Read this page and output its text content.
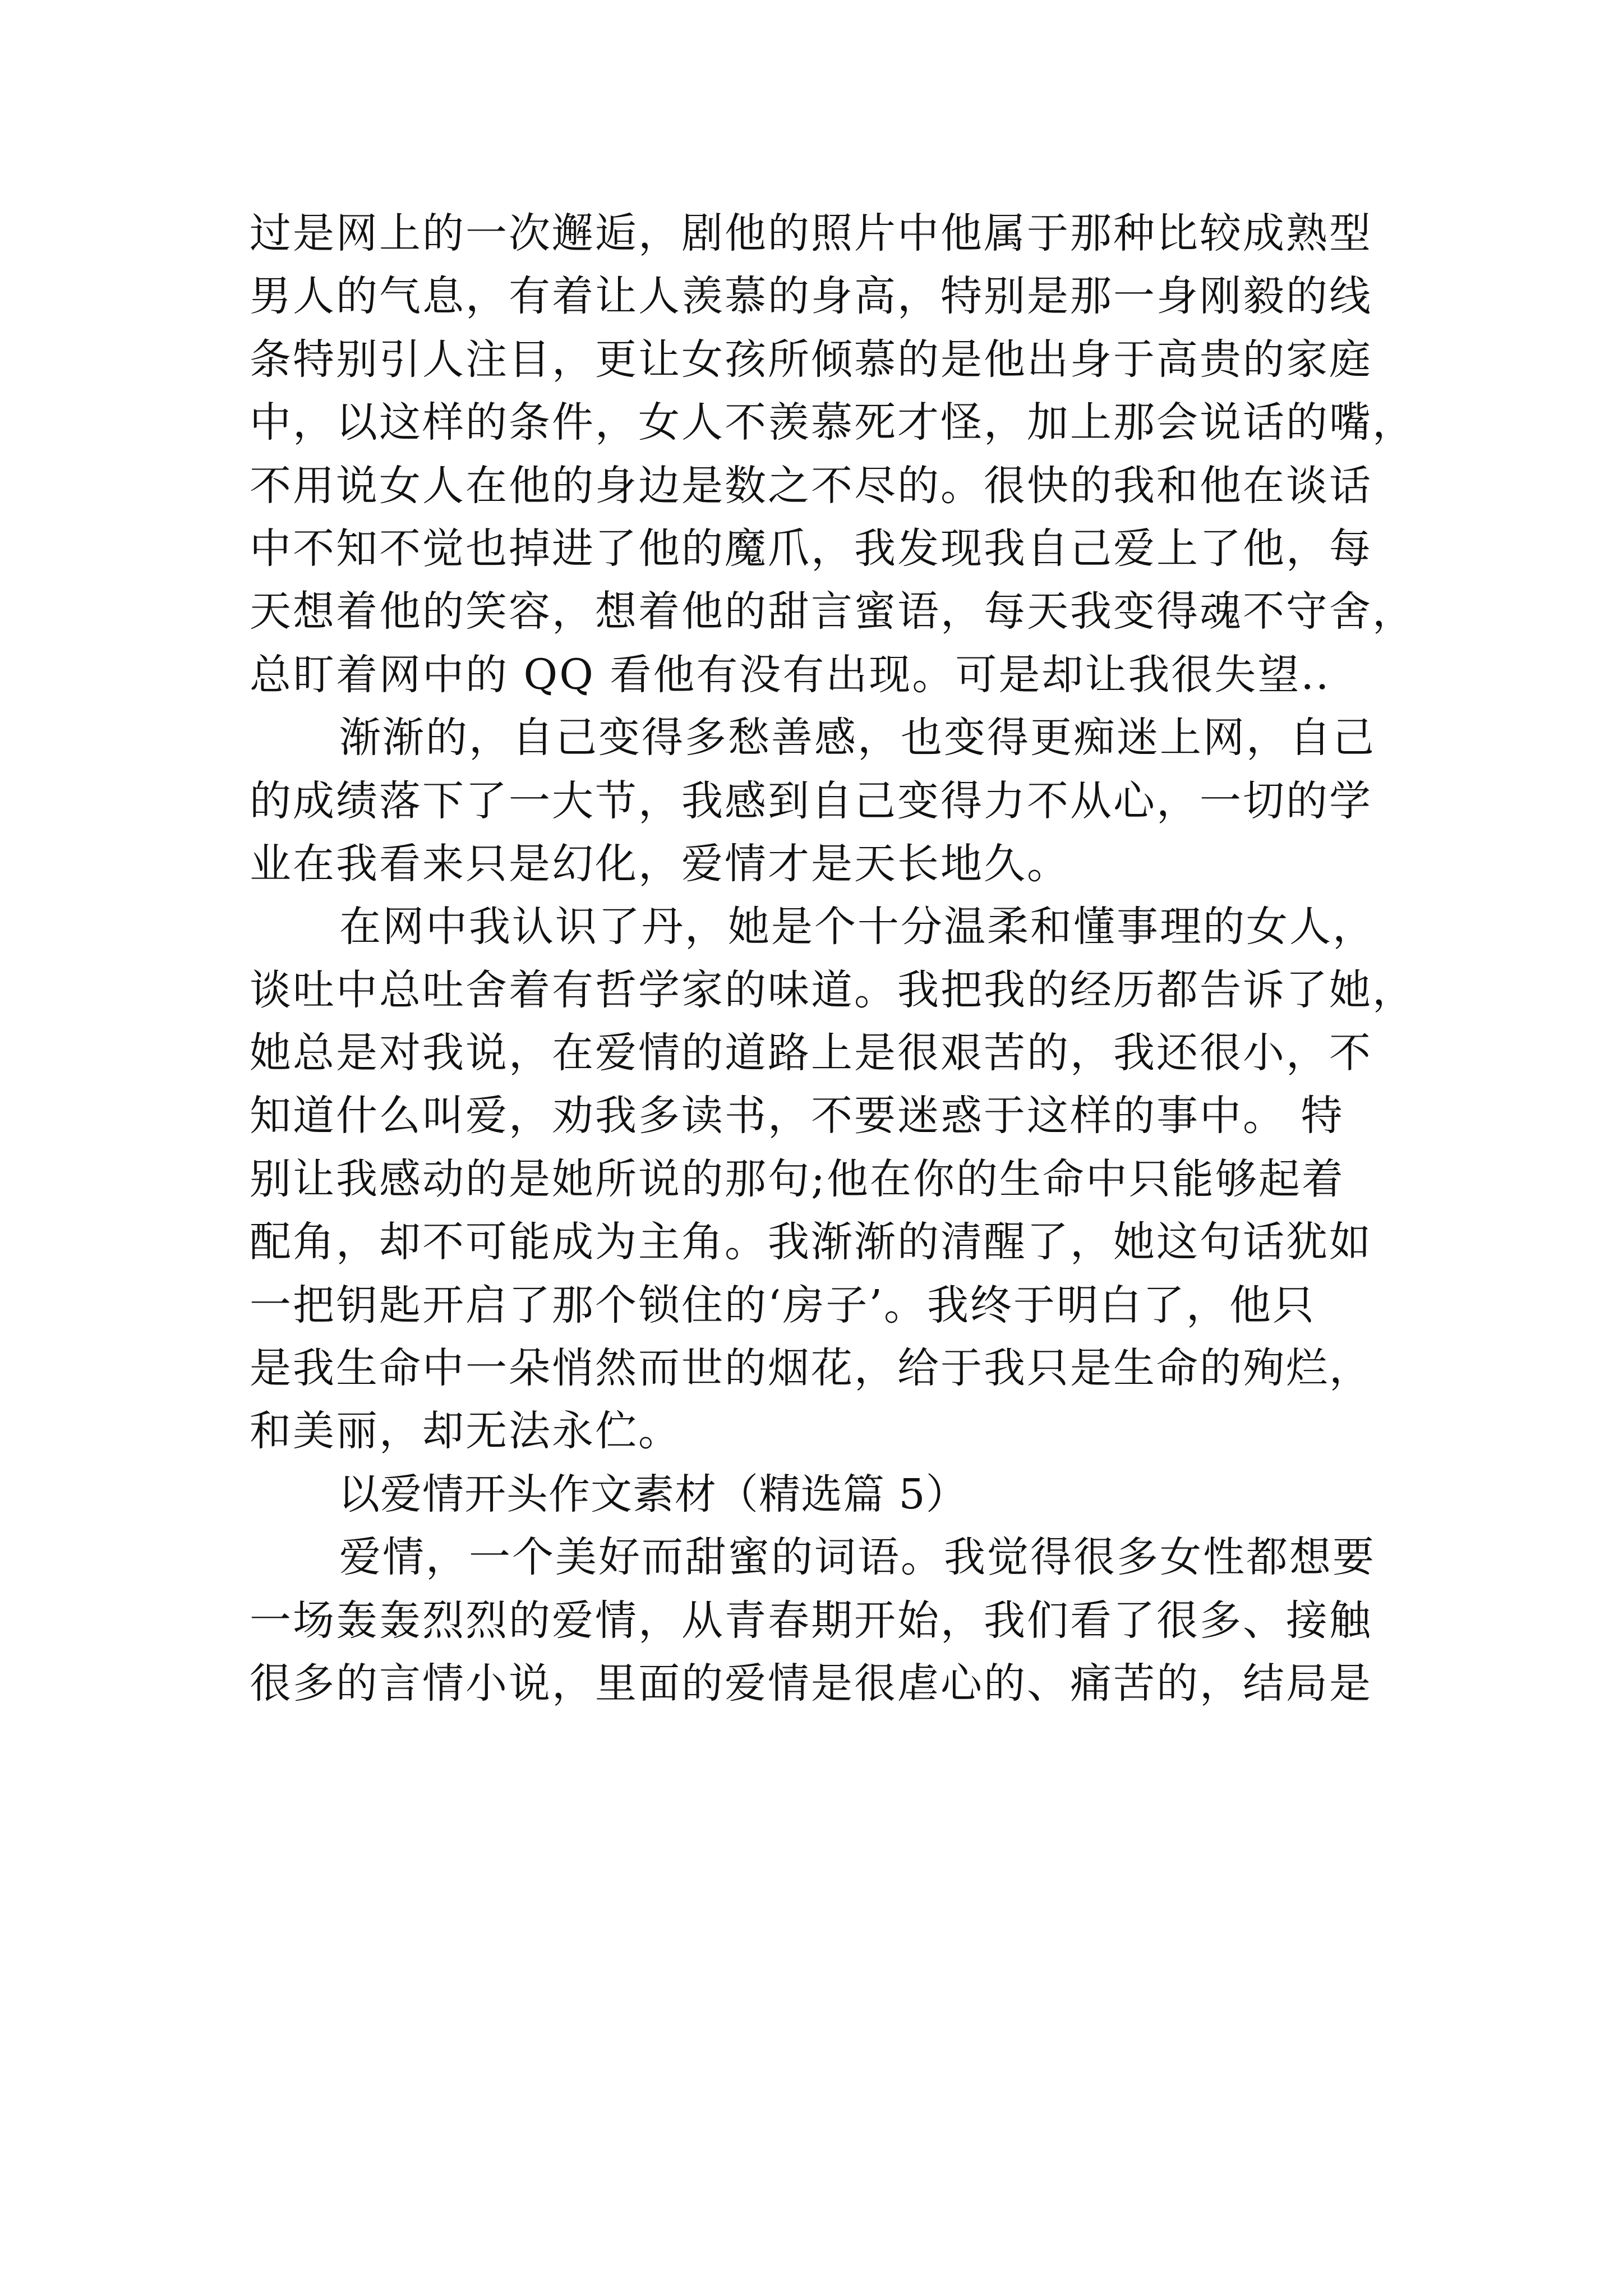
过是网上的一次邂逅，剧他的照片中他属于那种比较成熟型
男人的气息，有着让人羡慕的身高，特别是那一身刚毅的线
条特别引人注目，更让女孩所倾慕的是他出身于高贵的家庭
中，以这样的条件，女人不羡慕死才怪，加上那会说话的嘴，
不用说女人在他的身边是数之不尽的。很快的我和他在谈话
中不知不觉也掉进了他的魔爪，我发现我自己爱上了他，每
天想着他的笑容，想着他的甜言蜜语，每天我变得魂不守舍，
总盯着网中的 QQ 看他有没有出现。可是却让我很失望..
渐渐的，自己变得多愁善感，也变得更痴迷上网，自己
的成绩落下了一大节，我感到自己变得力不从心，一切的学
业在我看来只是幻化，爱情才是天长地久。
在网中我认识了丹，她是个十分温柔和懂事理的女人，
谈吐中总吐舍着有哲学家的味道。我把我的经历都告诉了她，
她总是对我说，在爱情的道路上是很艰苦的，我还很小，不
知道什么叫爱，劝我多读书，不要迷惑于这样的事中。 特
别让我感动的是她所说的那句;他在你的生命中只能够起着
配角，却不可能成为主角。我渐渐的清醒了，她这句话犹如
一把钥匙开启了那个锁住的‘房子’。我终于明白了，他只
是我生命中一朵悄然而世的烟花，给于我只是生命的殉烂，
和美丽，却无法永伫。
以爱情开头作文素材（精选篇 5）
爱情，一个美好而甜蜜的词语。我觉得很多女性都想要
一场轰轰烈烈的爱情，从青春期开始，我们看了很多、接触
很多的言情小说，里面的爱情是很虐心的、痛苦的，结局是
